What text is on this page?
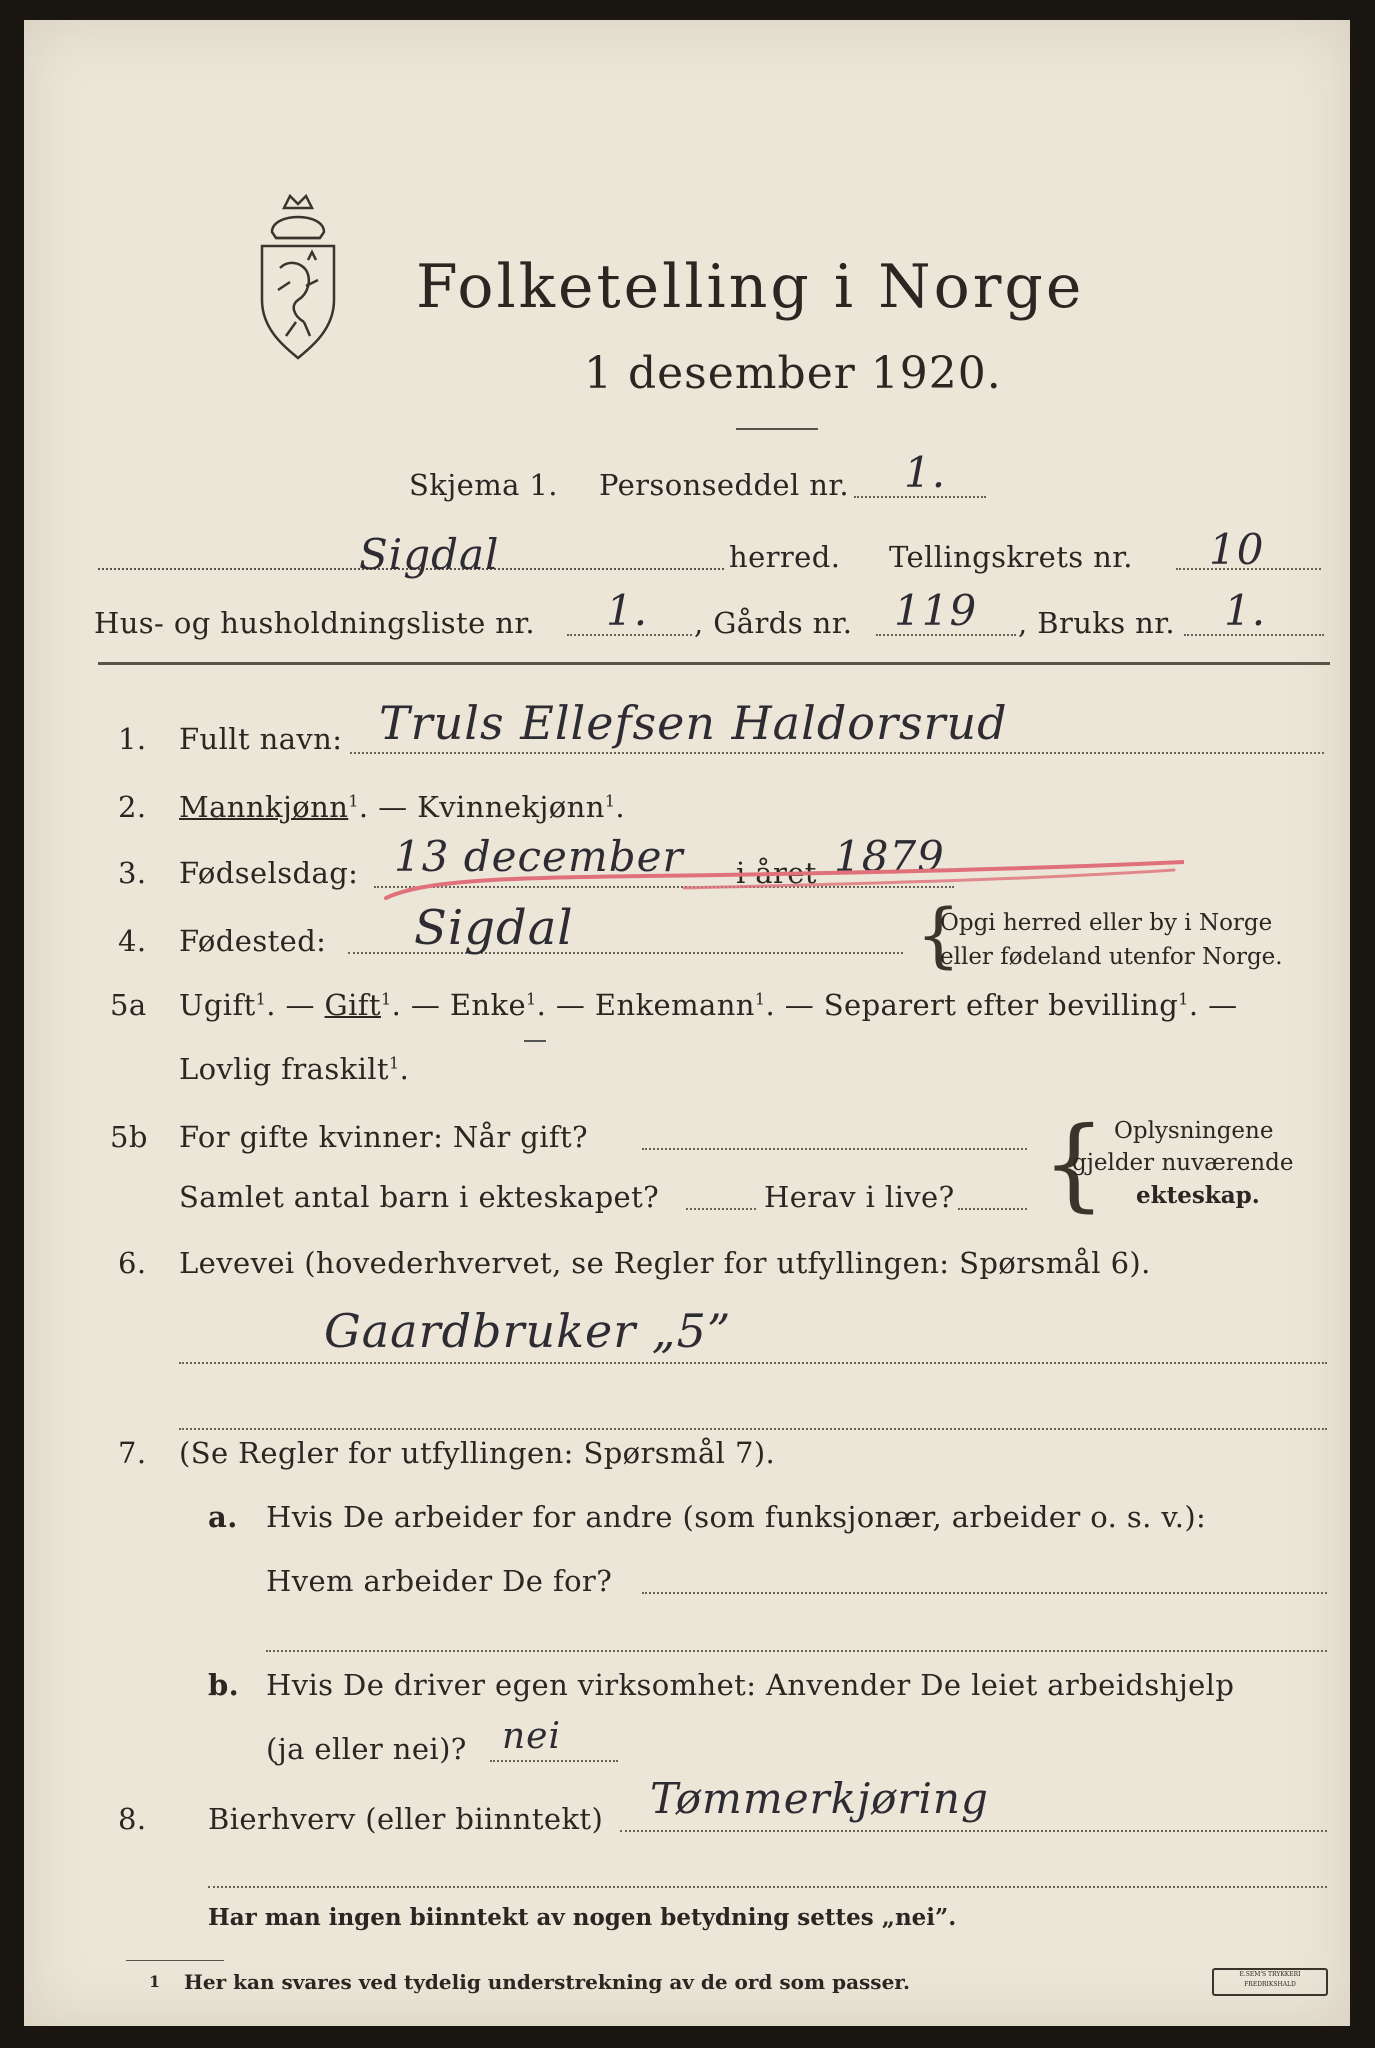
Folketelling i Norge
1 desember 1920.
Skjema 1. Personseddel nr. 1.
Sigdal	herred. Tellingskrets nr. 10
Hus- og husholdningsliste nr. 1. , Gårds nr. 119 , Bruks nr. 1.
1. Fullt navn: Truls Ellefsen Haldorsrud
2. Mannkjønn$^1$. — Kvinnekjønn$^1$.
3. Fødselsdag: 13 december i året 1879
4. Fødested: Sigdal	{
Opgi herred eller by i Norge
eller fødeland utenfor Norge.
5a Ugift$^1$. — Gift$^1$. — Enke$^1$. — Enkemann$^1$. — Separert efter bevilling$^1$. —
Lovlig fraskilt$^1$.
5b For gifte kvinner: Når gift?
Samlet antal barn i ekteskapet?	Herav i live? { Oplysningene
gjelder nuværende
ekteskap.
6. Levevei (hovederhvervet, se Regler for utfyllingen: Spørsmål 6).
Gaardbruker „5”
7. (Se Regler for utfyllingen: Spørsmål 7).
a. Hvis De arbeider for andre (som funksjonær, arbeider o. s. v.):
Hvem arbeider De for?
b. Hvis De driver egen virksomhet: Anvender De leiet arbeidshjelp
(ja eller nei)? nei
8. Bierhverv (eller biinntekt) Tømmerkjøring
Har man ingen biinntekt av nogen betydning settes „nei”.
1 Her kan svares ved tydelig understrekning av de ord som passer.	E.SEM'S TRYKKERI
FREDRIKSHALD
